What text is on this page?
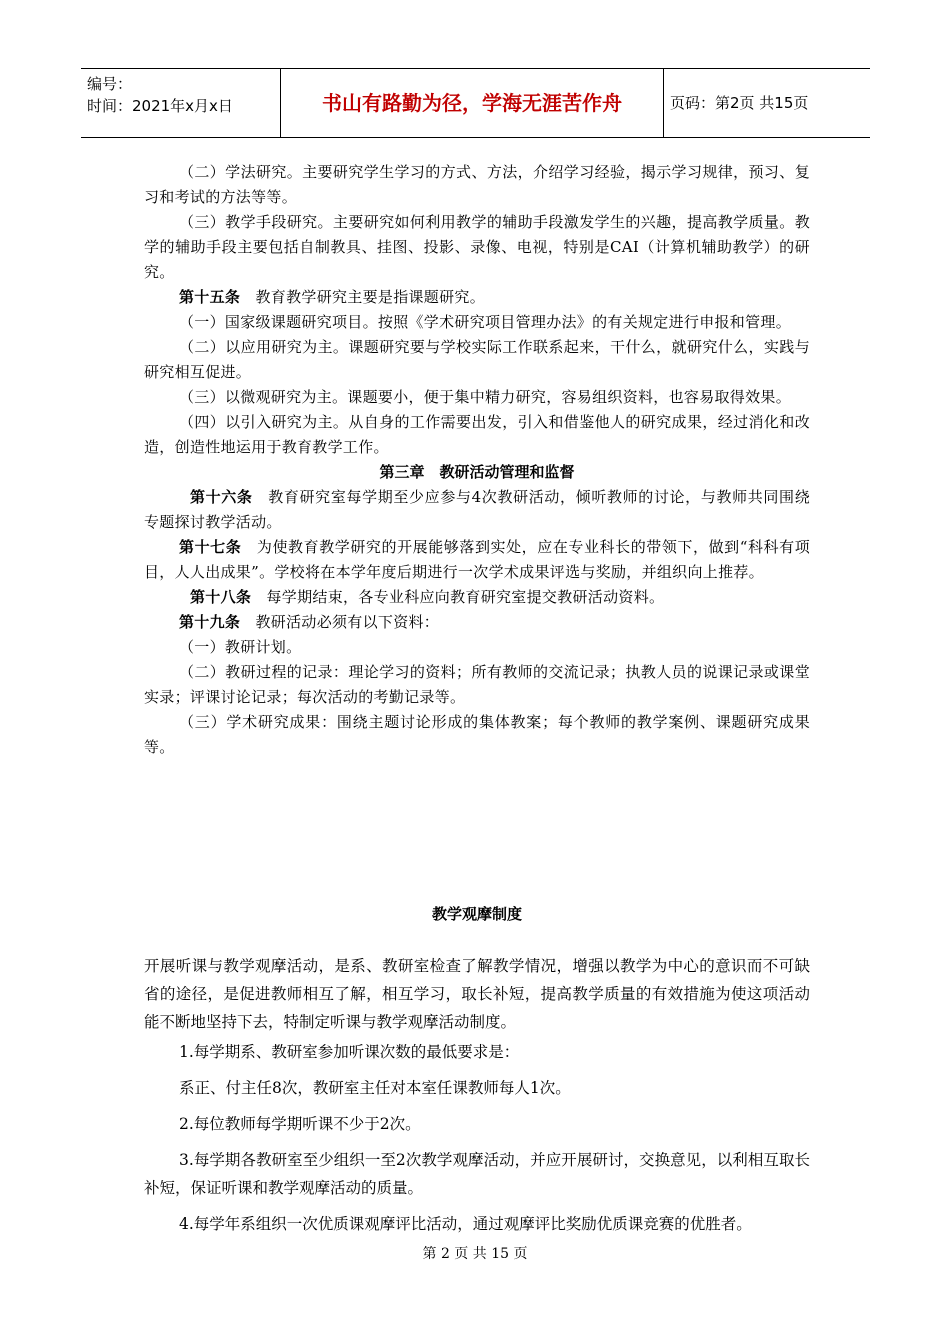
编号：
时间：2021年x月x日	书山有路勤为径，学海无涯苦作舟	页码：第2页 共15页

（二）学法研究。主要研究学生学习的方式、方法，介绍学习经验，揭示学习规律，预习、复习和考试的方法等等。

（三）教学手段研究。主要研究如何利用教学的辅助手段激发学生的兴趣，提高教学质量。教学的辅助手段主要包括自制教具、挂图、投影、录像、电视，特别是CAI（计算机辅助教学）的研究。

第十五条　教育教学研究主要是指课题研究。

（一）国家级课题研究项目。按照《学术研究项目管理办法》的有关规定进行申报和管理。

（二）以应用研究为主。课题研究要与学校实际工作联系起来，干什么，就研究什么，实践与研究相互促进。

（三）以微观研究为主。课题要小，便于集中精力研究，容易组织资料，也容易取得效果。

（四）以引入研究为主。从自身的工作需要出发，引入和借鉴他人的研究成果，经过消化和改造，创造性地运用于教育教学工作。

第三章　教研活动管理和监督

第十六条　教育研究室每学期至少应参与4次教研活动，倾听教师的讨论，与教师共同围绕专题探讨教学活动。

第十七条　为使教育教学研究的开展能够落到实处，应在专业科长的带领下，做到“科科有项目，人人出成果”。学校将在本学年度后期进行一次学术成果评选与奖励，并组织向上推荐。

第十八条　每学期结束，各专业科应向教育研究室提交教研活动资料。

第十九条　教研活动必须有以下资料：

（一）教研计划。

（二）教研过程的记录：理论学习的资料；所有教师的交流记录；执教人员的说课记录或课堂实录；评课讨论记录；每次活动的考勤记录等。

（三）学术研究成果：围绕主题讨论形成的集体教案；每个教师的教学案例、课题研究成果等。

教学观摩制度

开展听课与教学观摩活动，是系、教研室检查了解教学情况，增强以教学为中心的意识而不可缺省的途径，是促进教师相互了解，相互学习，取长补短，提高教学质量的有效措施为使这项活动能不断地坚持下去，特制定听课与教学观摩活动制度。

1.每学期系、教研室参加听课次数的最低要求是：

系正、付主任8次，教研室主任对本室任课教师每人1次。

2.每位教师每学期听课不少于2次。

3.每学期各教研室至少组织一至2次教学观摩活动，并应开展研讨，交换意见，以利相互取长补短，保证听课和教学观摩活动的质量。

4.每学年系组织一次优质课观摩评比活动，通过观摩评比奖励优质课竞赛的优胜者。

第 2 页 共 15 页
